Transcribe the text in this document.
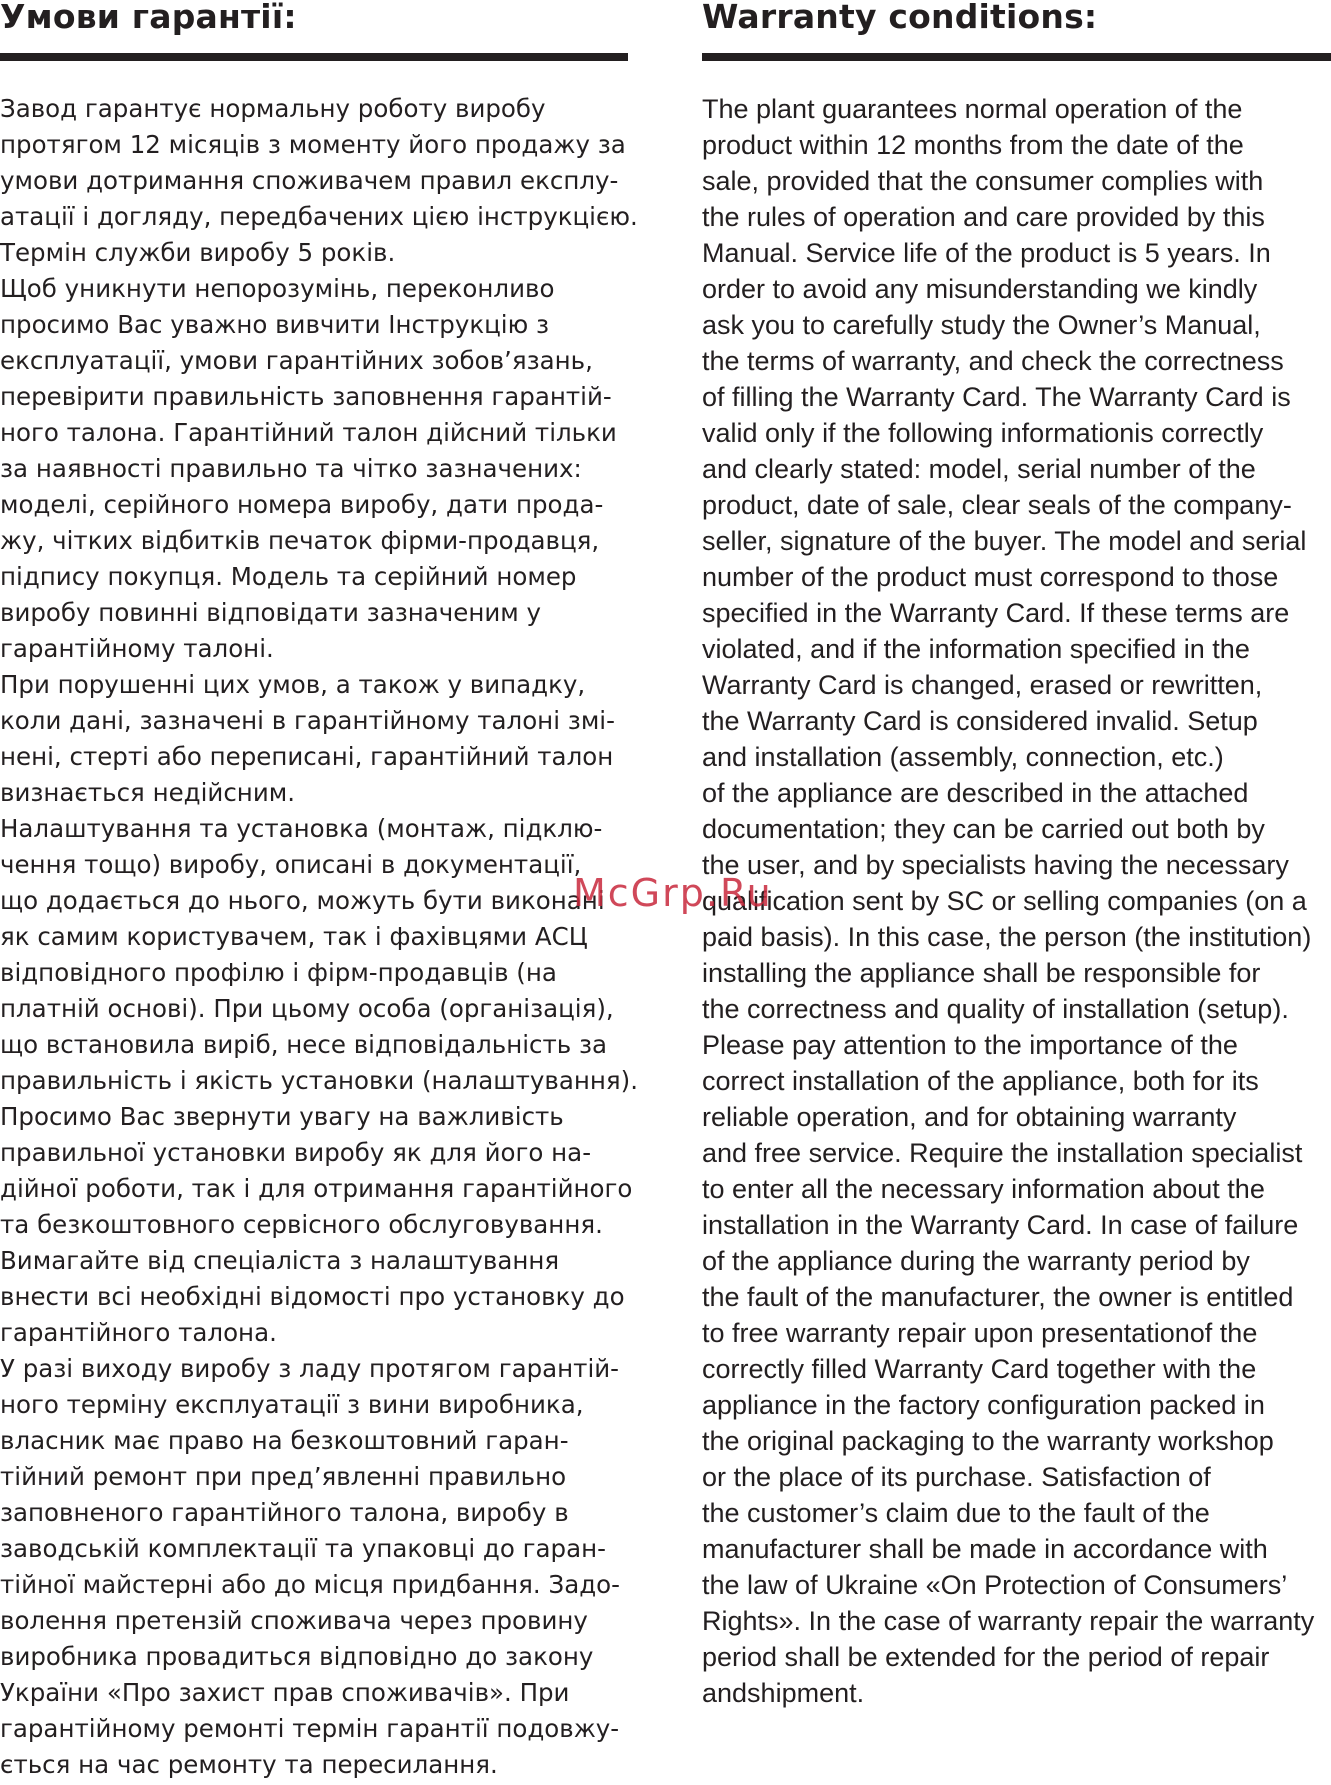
Умови гарантії:
Завод гарантує нормальну роботу виробу
протягом 12 місяців з моменту його продажу за
умови дотримання споживачем правил експлу-
атації і догляду, передбачених цією інструкцією.
Термін служби виробу 5 років.
Щоб уникнути непорозумінь, переконливо
просимо Вас уважно вивчити Інструкцію з
експлуатації, умови гарантійних зобов’язань,
перевірити правильність заповнення гарантій-
ного талона. Гарантійний талон дійсний тільки
за наявності правильно та чітко зазначених:
моделі, серійного номера виробу, дати прода-
жу, чітких відбитків печаток фірми-продавця,
підпису покупця. Модель та серійний номер
виробу повинні відповідати зазначеним у
гарантійному талоні.
При порушенні цих умов, а також у випадку,
коли дані, зазначені в гарантійному талоні змі-
нені, стерті або переписані, гарантійний талон
визнається недійсним.
Налаштування та установка (монтаж, підклю-
чення тощо) виробу, описані в документації,
що додається до нього, можуть бути виконані
як самим користувачем, так і фахівцями АСЦ
відповідного профілю і фірм-продавців (на
платній основі). При цьому особа (організація),
що встановила виріб, несе відповідальність за
правильність і якість установки (налаштування).
Просимо Вас звернути увагу на важливість
правильної установки виробу як для його на-
дійної роботи, так і для отримання гарантійного
та безкоштовного сервісного обслуговування.
Вимагайте від спеціаліста з налаштування
внести всі необхідні відомості про установку до
гарантійного талона.
У разі виходу виробу з ладу протягом гарантій-
ного терміну експлуатації з вини виробника,
власник має право на безкоштовний гаран-
тійний ремонт при пред’явленні правильно
заповненого гарантійного талона, виробу в
заводській комплектації та упаковці до гаран-
тійної майстерні або до місця придбання. Задо-
волення претензій споживача через провину
виробника провадиться відповідно до закону
України «Про захист прав споживачів». При
гарантійному ремонті термін гарантії подовжу-
ється на час ремонту та пересилання.
Warranty conditions:
The plant guarantees normal operation of the
product within 12 months from the date of the
sale, provided that the consumer complies with
the rules of operation and care provided by this
Manual. Service life of the product is 5 years. In
order to avoid any misunderstanding we kindly
ask you to carefully study the Owner’s Manual,
the terms of warranty, and check the correctness
of filling the Warranty Card. The Warranty Card is
valid only if the following informationis correctly
and clearly stated: model, serial number of the
product, date of sale, clear seals of the company-
seller, signature of the buyer. The model and serial
number of the product must correspond to those
specified in the Warranty Card. If these terms are
violated, and if the information specified in the
Warranty Card is changed, erased or rewritten,
the Warranty Card is considered invalid. Setup
and installation (assembly, connection, etc.)
of the appliance are described in the attached
documentation; they can be carried out both by
the user, and by specialists having the necessary
qualification sent by SC or selling companies (on a
paid basis). In this case, the person (the institution)
installing the appliance shall be responsible for
the correctness and quality of installation (setup).
Please pay attention to the importance of the
correct installation of the appliance, both for its
reliable operation, and for obtaining warranty
and free service. Require the installation specialist
to enter all the necessary information about the
installation in the Warranty Card. In case of failure
of the appliance during the warranty period by
the fault of the manufacturer, the owner is entitled
to free warranty repair upon presentationof the
correctly filled Warranty Card together with the
appliance in the factory configuration packed in
the original packaging to the warranty workshop
or the place of its purchase. Satisfaction of
the customer’s claim due to the fault of the
manufacturer shall be made in accordance with
the law of Ukraine «On Protection of Consumers’
Rights». In the case of warranty repair the warranty
period shall be extended for the period of repair
andshipment.
McGrp.Ru
